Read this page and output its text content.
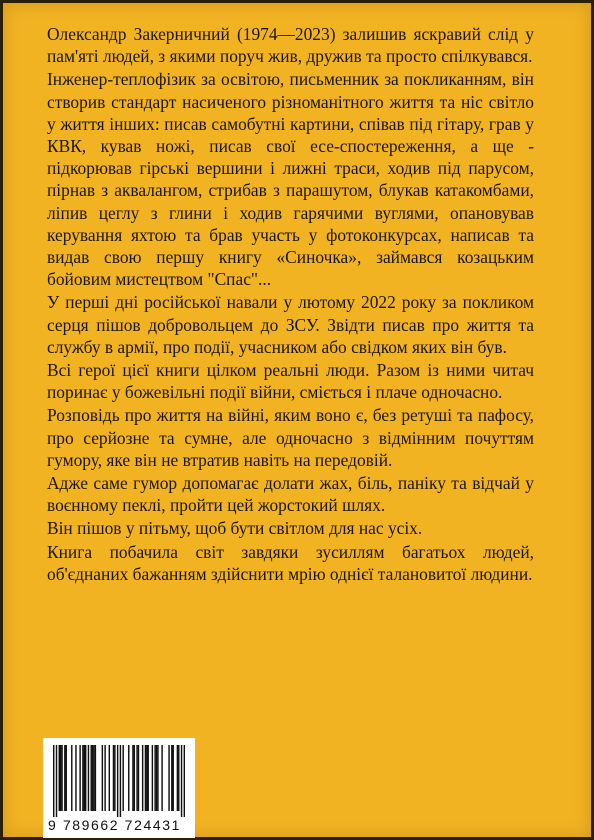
Олександр Закерничний (1974—2023) залишив яскравий слід у пам'яті людей, з якими поруч жив, дружив та просто спілкувався.

Інженер-теплофізик за освітою, письменник за покликанням, він створив стандарт насиченого різноманітного життя та ніс світло у життя інших: писав самобутні картини, співав під гітару, грав у КВК, кував ножі, писав свої есе-спостереження, а ще - підкорював гірські вершини і лижні траси, ходив під парусом, пірнав з аквалангом, стрибав з парашутом, блукав катакомбами, ліпив цеглу з глини і ходив гарячими вуглями, опановував керування яхтою та брав участь у фотоконкурсах, написав та видав свою першу книгу «Синочка», займався козацьким бойовим мистецтвом "Спас"...

У перші дні російської навали у лютому 2022 року за покликом серця пішов добровольцем до ЗСУ. Звідти писав про життя та службу в армії, про події, учасником або свідком яких він був.

Всі герої цієї книги цілком реальні люди. Разом із ними читач поринає у божевільні події війни, сміється і плаче одночасно.

Розповідь про життя на війні, яким воно є, без ретуші та пафосу, про серйозне та сумне, але одночасно з відмінним почуттям гумору, яке він не втратив навіть на передовій.

Адже саме гумор допомагає долати жах, біль, паніку та відчай у воєнному пеклі, пройти цей жорстокий шлях.

Він пішов у пітьму, щоб бути світлом для нас усіх.

Книга побачила світ завдяки зусиллям багатьох людей, об'єднаних бажанням здійснити мрію однієї талановитої людини.

9 789662 724431
